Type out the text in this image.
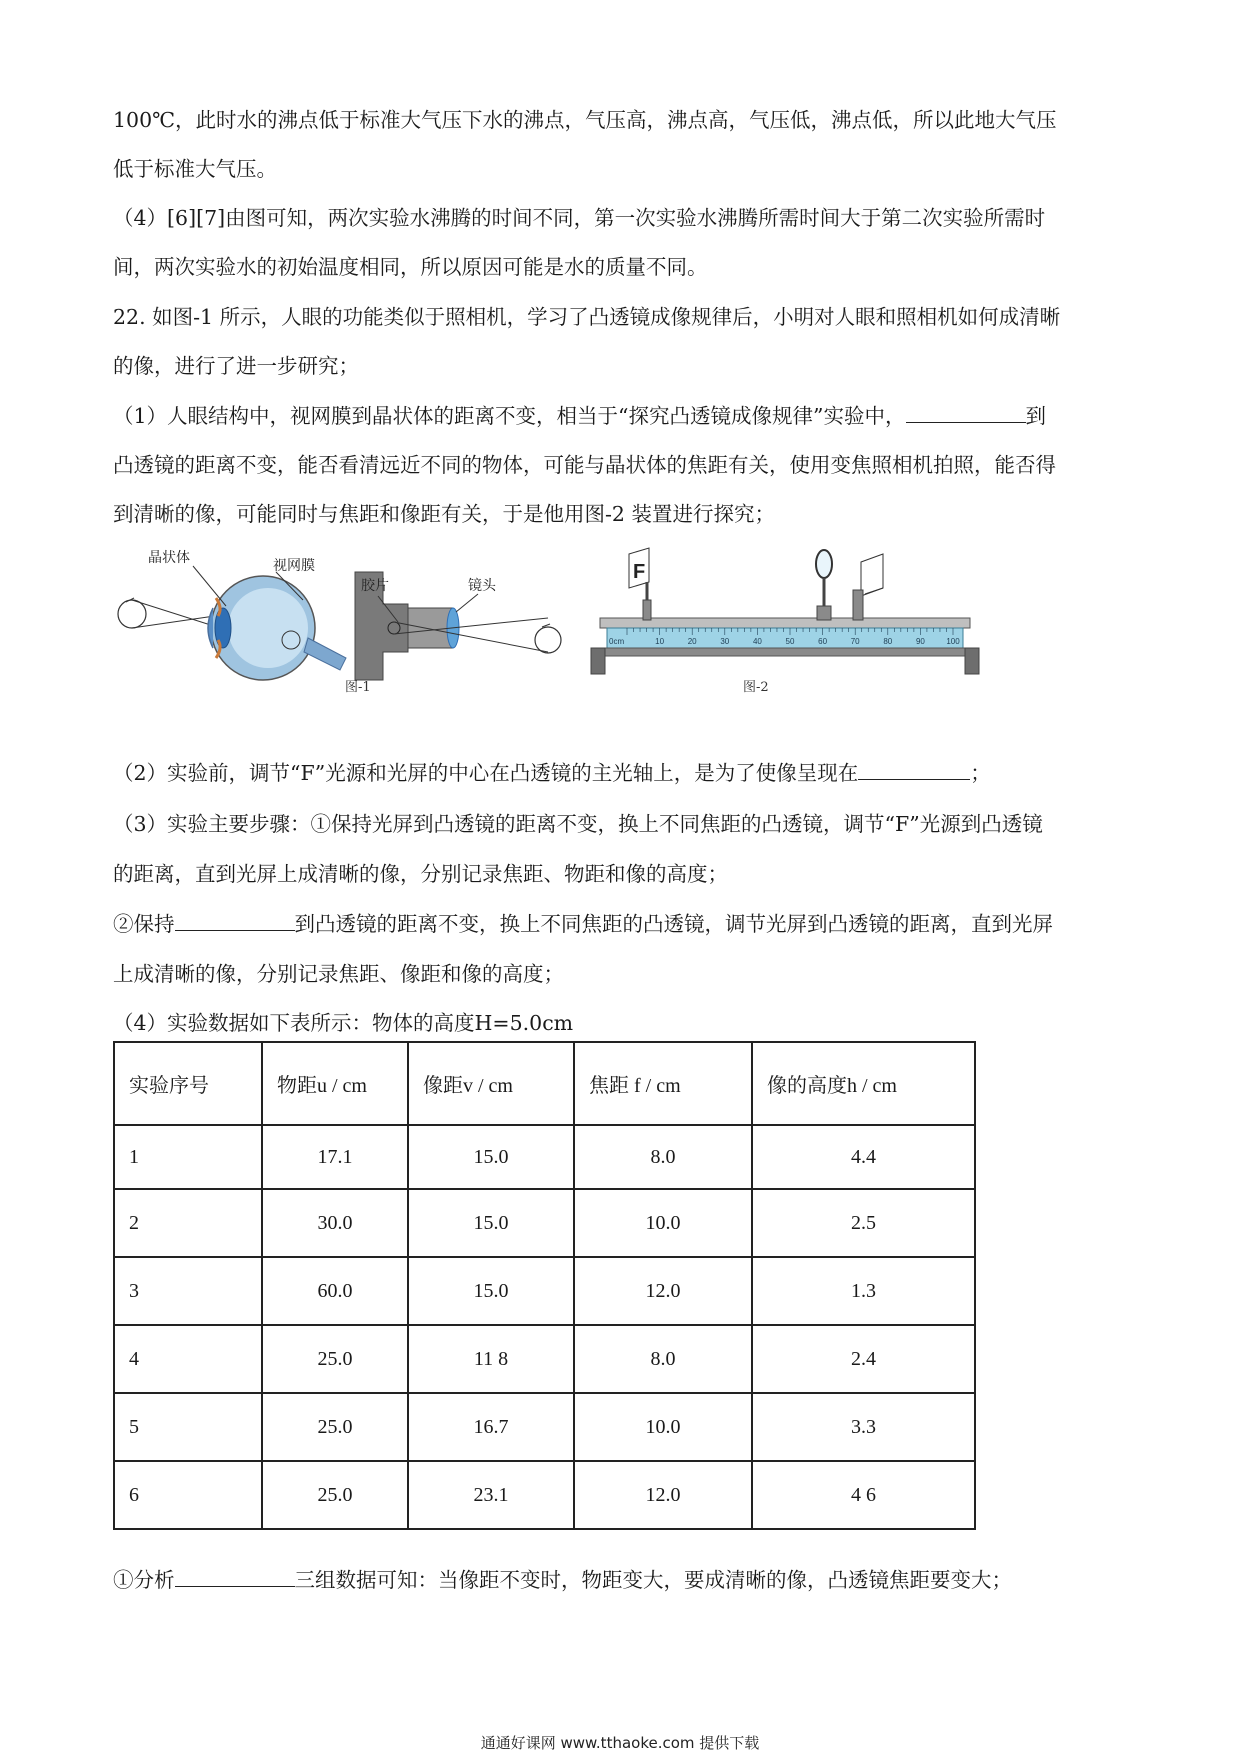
100℃，此时水的沸点低于标准大气压下水的沸点，气压高，沸点高，气压低，沸点低，所以此地大气压
低于标准大气压。
（4）[6][7]由图可知，两次实验水沸腾的时间不同，第一次实验水沸腾所需时间大于第二次实验所需时
间，两次实验水的初始温度相同，所以原因可能是水的质量不同。
22. 如图-1 所示，人眼的功能类似于照相机，学习了凸透镜成像规律后，小明对人眼和照相机如何成清晰
的像，进行了进一步研究；
（1）人眼结构中，视网膜到晶状体的距离不变，相当于“探究凸透镜成像规律”实验中，	到
凸透镜的距离不变，能否看清远近不同的物体，可能与晶状体的焦距有关，使用变焦照相机拍照，能否得
到清晰的像，可能同时与焦距和像距有关，于是他用图-2 装置进行探究；
晶状体
视网膜
胶片	镜头
图-1
0cm	10	20	30	40	50	60	70	80	90	100
F
图-2
（2）实验前，调节“F”光源和光屏的中心在凸透镜的主光轴上，是为了使像呈现在	；
（3）实验主要步骤：①保持光屏到凸透镜的距离不变，换上不同焦距的凸透镜，调节“F”光源到凸透镜
的距离，直到光屏上成清晰的像，分别记录焦距、物距和像的高度；
②保持	到凸透镜的距离不变，换上不同焦距的凸透镜，调节光屏到凸透镜的距离，直到光屏
上成清晰的像，分别记录焦距、像距和像的高度；
（4）实验数据如下表所示：物体的高度H=5.0cm
实验序号	物距u / cm	像距v / cm	焦距 f / cm	像的高度h / cm
1	17.1	15.0	8.0	4.4
2	30.0	15.0	10.0	2.5
3	60.0	15.0	12.0	1.3
4	25.0	11 8	8.0	2.4
5	25.0	16.7	10.0	3.3
6	25.0	23.1	12.0	4 6
①分析	三组数据可知：当像距不变时，物距变大，要成清晰的像，凸透镜焦距要变大；
通通好课网 www.tthaoke.com 提供下载
